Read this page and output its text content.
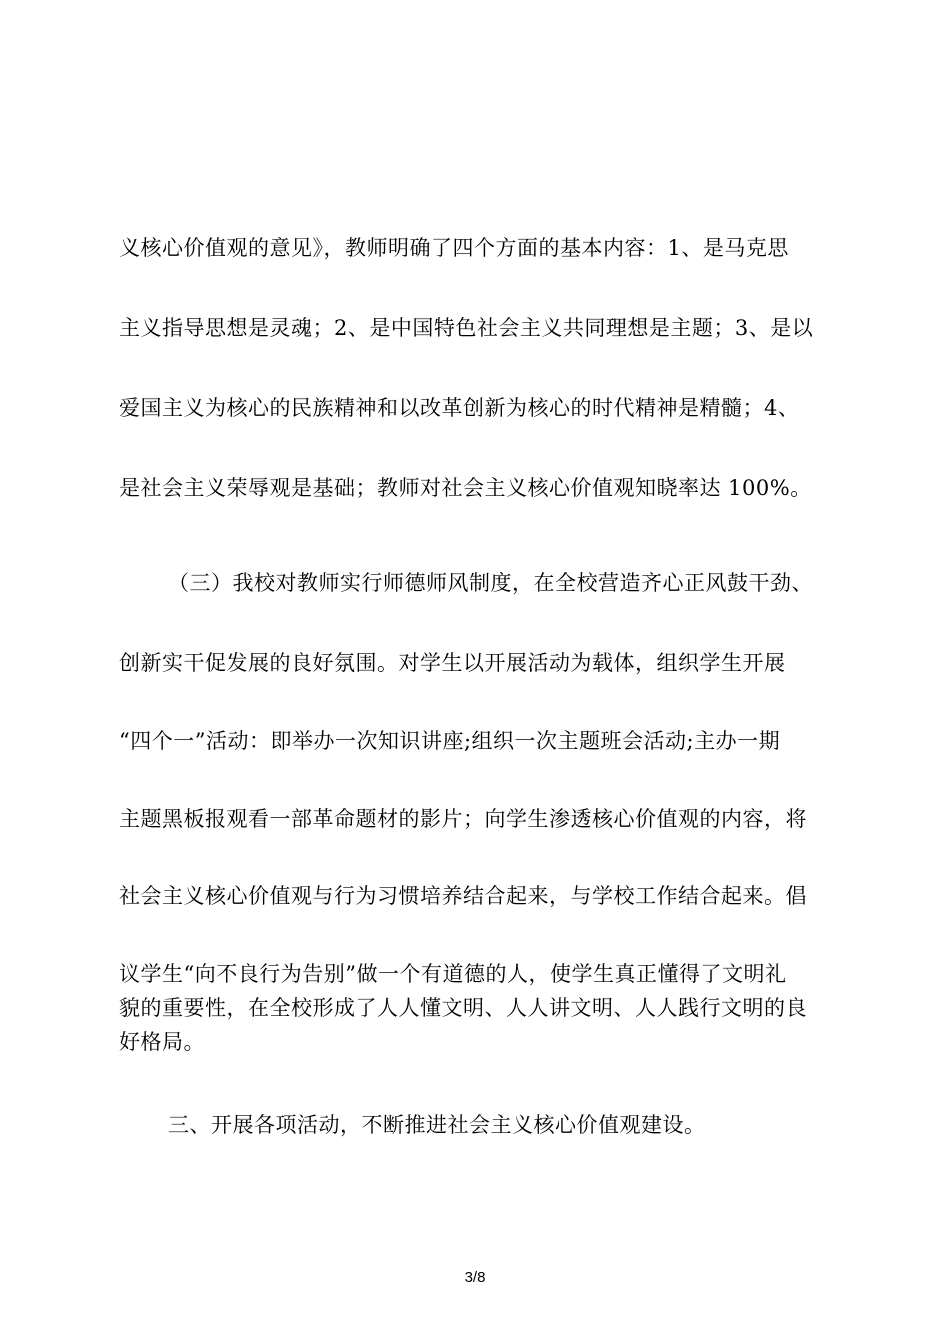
义核心价值观的意见》，教师明确了四个方面的基本内容：1、是马克思
主义指导思想是灵魂；2、是中国特色社会主义共同理想是主题；3、是以
爱国主义为核心的民族精神和以改革创新为核心的时代精神是精髓；4、
是社会主义荣辱观是基础；教师对社会主义核心价值观知晓率达 100%。
（三）我校对教师实行师德师风制度，在全校营造齐心正风鼓干劲、
创新实干促发展的良好氛围。对学生以开展活动为载体，组织学生开展
“四个一”活动：即举办一次知识讲座;组织一次主题班会活动;主办一期
主题黑板报观看一部革命题材的影片；向学生渗透核心价值观的内容，将
社会主义核心价值观与行为习惯培养结合起来，与学校工作结合起来。倡
议学生“向不良行为告别”做一个有道德的人，使学生真正懂得了文明礼
貌的重要性，在全校形成了人人懂文明、人人讲文明、人人践行文明的良
好格局。
三、开展各项活动，不断推进社会主义核心价值观建设。
3/8
